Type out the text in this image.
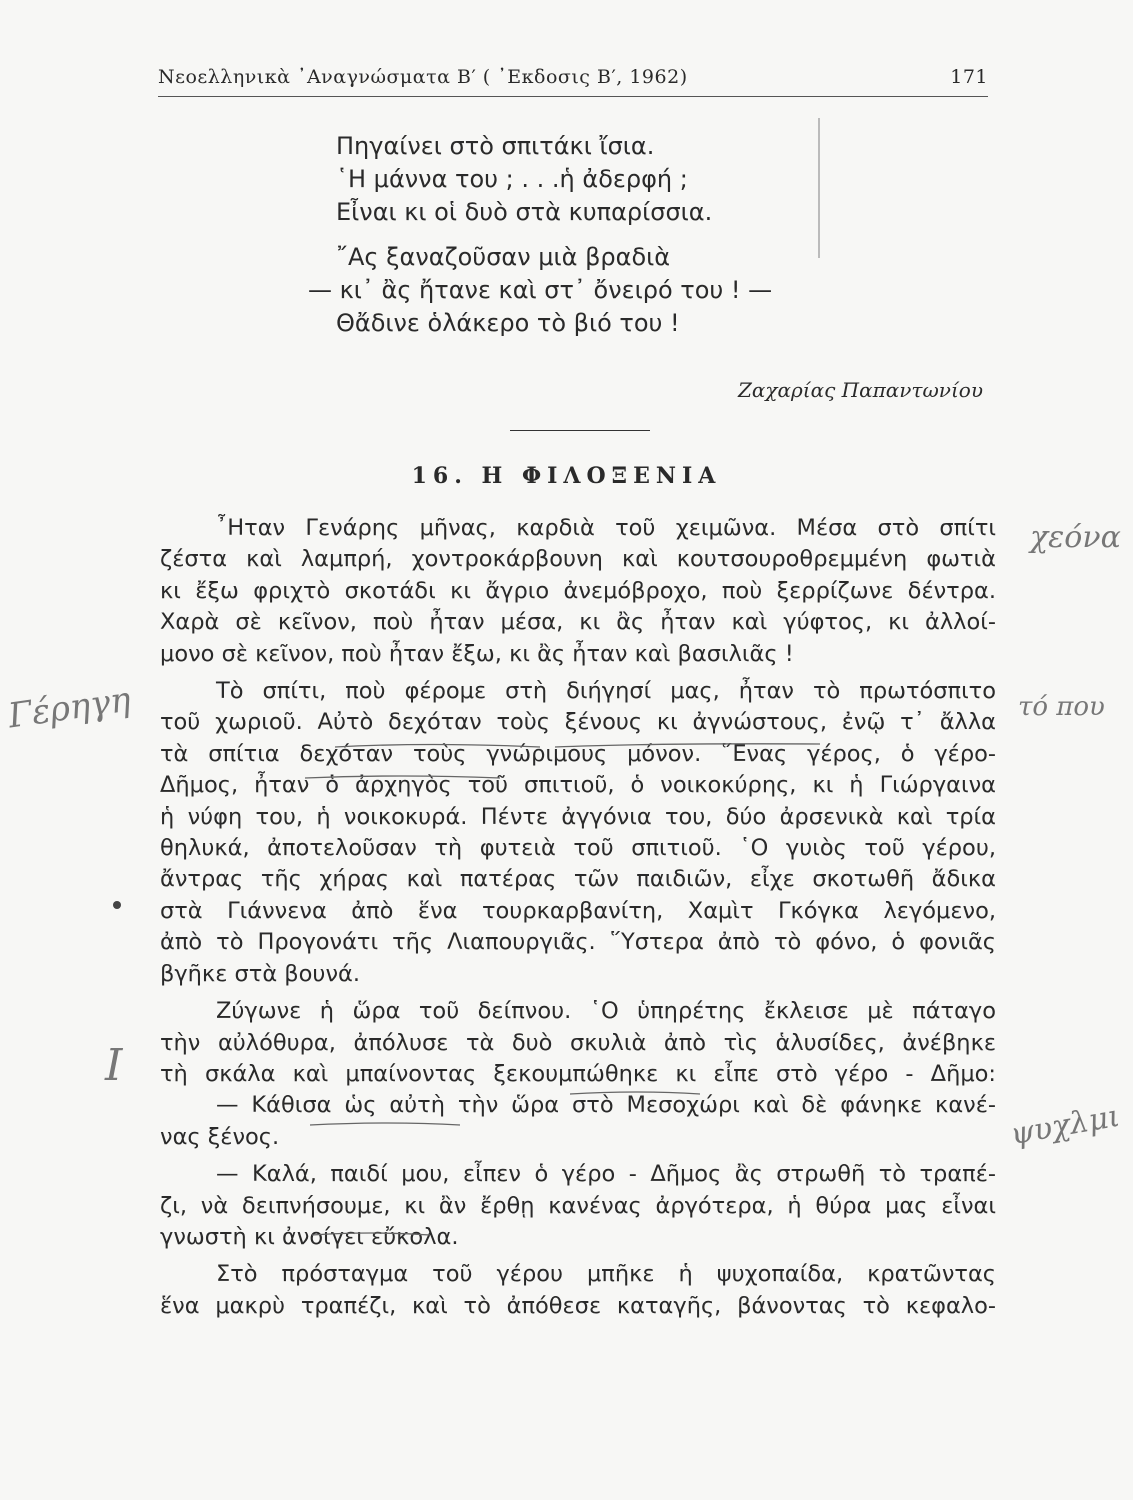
Νεοελληνικὰ ᾿Αναγνώσματα Β′ ( ᾿Εκδοσις Β′, 1962)	171
Πηγαίνει στὸ σπιτάκι ἴσια.
῾Η μάννα του ; . . .ἡ ἀδερφή ;
Εἶναι κι οἱ δυὸ στὰ κυπαρίσσια.
῎Ας ξαναζοῦσαν μιὰ βραδιὰ
— κι᾿ ἂς ἤτανε καὶ στ᾿ ὄνειρό του ! —
Θἄδινε ὁλάκερο τὸ βιό του !
Ζαχαρίας Παπαντωνίου
16. Η ΦΙΛΟΞΕΝΙΑ
῏Ηταν Γενάρης μῆνας, καρδιὰ τοῦ χειμῶνα. Μέσα στὸ σπίτι
ζέστα καὶ λαμπρή, χοντροκάρβουνη καὶ κουτσουροθρεμμένη φωτιὰ
κι ἔξω φριχτὸ σκοτάδι κι ἄγριο ἀνεμόβροχο, ποὺ ξερρίζωνε δέντρα.
Χαρὰ σὲ κεῖνον, ποὺ ἦταν μέσα, κι ἂς ἦταν καὶ γύφτος, κι ἀλλοί-
μονο σὲ κεῖνον, ποὺ ἦταν ἔξω, κι ἂς ἦταν καὶ βασιλιᾶς !
Τὸ σπίτι, ποὺ φέρομε στὴ διήγησί μας, ἦταν τὸ πρωτόσπιτο
τοῦ χωριοῦ. Αὐτὸ δεχόταν τοὺς ξένους κι ἀγνώστους, ἐνῷ τ᾿ ἄλλα
τὰ σπίτια δεχόταν τοὺς γνώριμους μόνον. ῞Ενας γέρος, ὁ γέρο-
Δῆμος, ἦταν ὁ ἀρχηγὸς τοῦ σπιτιοῦ, ὁ νοικοκύρης, κι ἡ Γιώργαινα
ἡ νύφη του, ἡ νοικοκυρά. Πέντε ἀγγόνια του, δύο ἀρσενικὰ καὶ τρία
θηλυκά, ἀποτελοῦσαν τὴ φυτειὰ τοῦ σπιτιοῦ. ῾Ο γυιὸς τοῦ γέρου,
ἄντρας τῆς χήρας καὶ πατέρας τῶν παιδιῶν, εἶχε σκοτωθῆ ἄδικα
στὰ Γιάννενα ἀπὸ ἕνα τουρκαρβανίτη, Χαμὶτ Γκόγκα λεγόμενο,
ἀπὸ τὸ Προγονάτι τῆς Λιαπουργιᾶς. ῞Υστερα ἀπὸ τὸ φόνο, ὁ φονιᾶς
βγῆκε στὰ βουνά.
Ζύγωνε ἡ ὥρα τοῦ δείπνου. ῾Ο ὑπηρέτης ἔκλεισε μὲ πάταγο
τὴν αὐλόθυρα, ἀπόλυσε τὰ δυὸ σκυλιὰ ἀπὸ τὶς ἁλυσίδες, ἀνέβηκε
τὴ σκάλα καὶ μπαίνοντας ξεκουμπώθηκε κι εἶπε στὸ γέρο - Δῆμο:
— Κάθισα ὡς αὐτὴ τὴν ὥρα στὸ Μεσοχώρι καὶ δὲ φάνηκε κανέ-
νας ξένος.
— Καλά, παιδί μου, εἶπεν ὁ γέρο - Δῆμος ἂς στρωθῆ τὸ τραπέ-
ζι, νὰ δειπνήσουμε, κι ἂν ἔρθῃ κανένας ἀργότερα, ἡ θύρα μας εἶναι
γνωστὴ κι ἀνοίγει εὔκολα.
Στὸ πρόσταγμα τοῦ γέρου μπῆκε ἡ ψυχοπαίδα, κρατῶντας
ἕνα μακρὺ τραπέζι, καὶ τὸ ἀπόθεσε καταγῆς, βάνοντας τὸ κεφαλο-
Γέρηγη
χεόνα
τό που
I
ψυχλμι
